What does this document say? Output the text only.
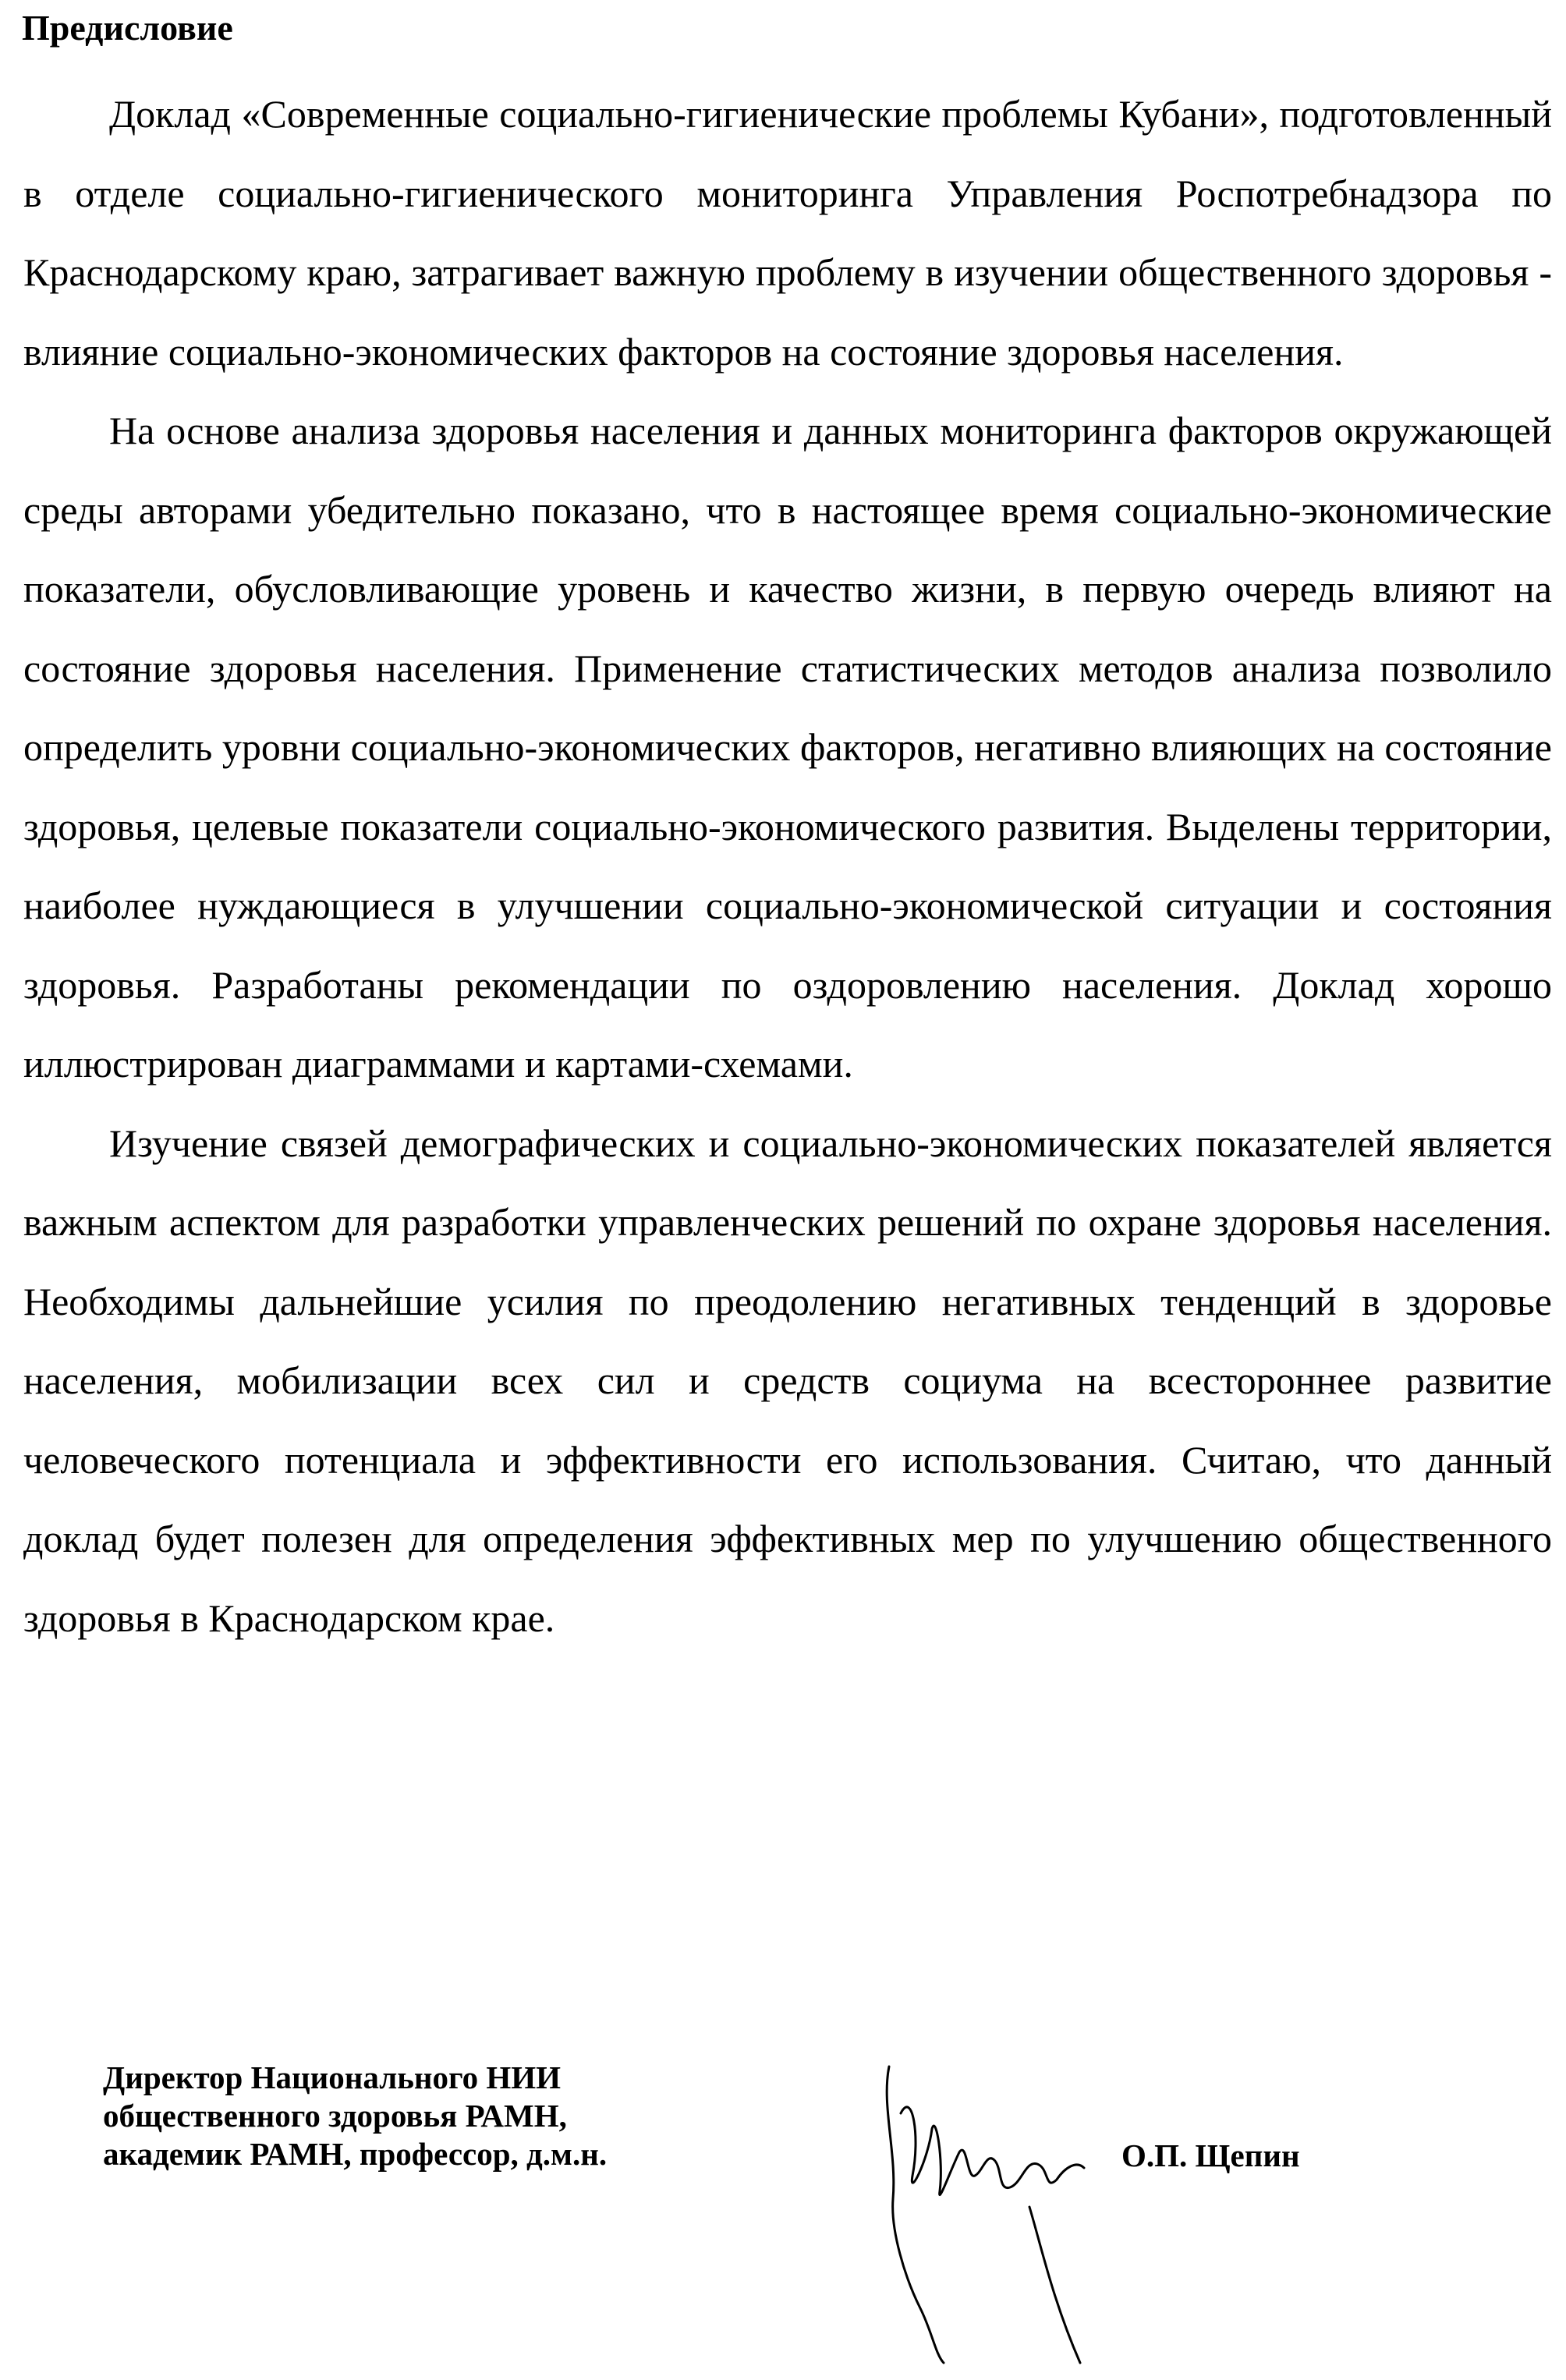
Предисловие

Доклад «Современные социально-гигиенические проблемы Кубани», подготовленный в отделе социально-гигиенического мониторинга Управления Роспотребнадзора по Краснодарскому краю, затрагивает важную проблему в изучении общественного здоровья - влияние социально-экономических факторов на состояние здоровья населения.

На основе анализа здоровья населения и данных мониторинга факторов окружающей среды авторами убедительно показано, что в настоящее время социально-экономические показатели, обусловливающие уровень и качество жизни, в первую очередь влияют на состояние здоровья населения. Применение статистических методов анализа позволило определить уровни социально-экономических факторов, негативно влияющих на состояние здоровья, целевые показатели социально-экономического развития. Выделены территории, наиболее нуждающиеся в улучшении социально-экономической ситуации и состояния здоровья. Разработаны рекомендации по оздоровлению населения. Доклад хорошо иллюстрирован диаграммами и картами-схемами.

Изучение связей демографических и социально-экономических показателей является важным аспектом для разработки управленческих решений по охране здоровья населения. Необходимы дальнейшие усилия по преодолению негативных тенденций в здоровье населения, мобилизации всех сил и средств социума на всестороннее развитие человеческого потенциала и эффективности его использования. Считаю, что данный доклад будет полезен для определения эффективных мер по улучшению общественного здоровья в Краснодарском крае.

Директор Национального НИИ
общественного здоровья РАМН,
академик РАМН, профессор, д.м.н.	О.П. Щепин
